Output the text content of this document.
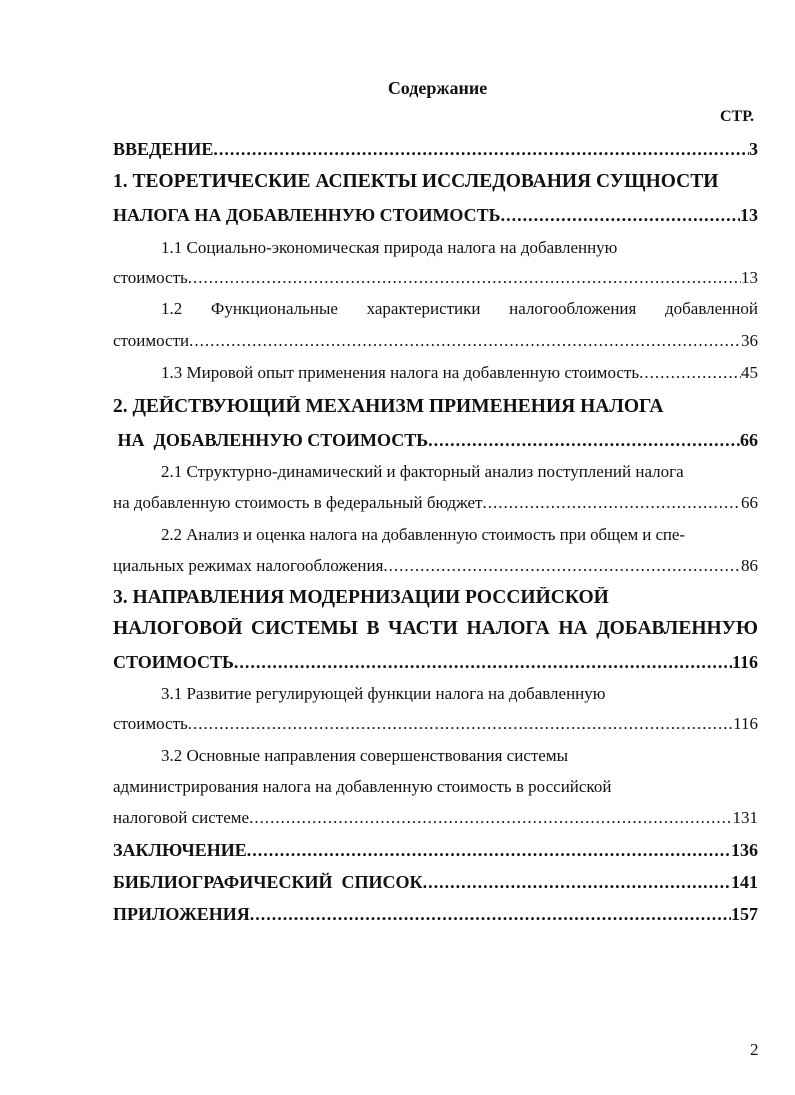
Содержание
СТР.
ВВЕДЕНИЕ .....	3
1. ТЕОРЕТИЧЕСКИЕ АСПЕКТЫ ИССЛЕДОВАНИЯ СУЩНОСТИ
НАЛОГА НА ДОБАВЛЕННУЮ СТОИМОСТЬ .....	13
1.1 Социально-экономическая природа налога на добавленную
стоимость .....	13
1.2 Функциональные характеристики налогообложения добавленной
стоимости .....	36
1.3 Мировой опыт применения налога на добавленную стоимость .....	45
2. ДЕЙСТВУЮЩИЙ МЕХАНИЗМ ПРИМЕНЕНИЯ НАЛОГА
НА  ДОБАВЛЕННУЮ СТОИМОСТЬ .....	66
2.1 Структурно-динамический и факторный анализ поступлений налога
на добавленную стоимость в федеральный бюджет .....	66
2.2 Анализ и оценка налога на добавленную стоимость при общем и спе-
циальных режимах налогообложения .....	86
3. НАПРАВЛЕНИЯ МОДЕРНИЗАЦИИ РОССИЙСКОЙ
НАЛОГОВОЙ СИСТЕМЫ В ЧАСТИ НАЛОГА НА ДОБАВЛЕННУЮ
СТОИМОСТЬ .....	116
3.1 Развитие регулирующей функции налога на добавленную
стоимость .....	116
3.2 Основные направления совершенствования системы
администрирования налога на добавленную стоимость в российской
налоговой системе .....	131
ЗАКЛЮЧЕНИЕ .....	136
БИБЛИОГРАФИЧЕСКИЙ  СПИСОК .....	141
ПРИЛОЖЕНИЯ .....	157
2
